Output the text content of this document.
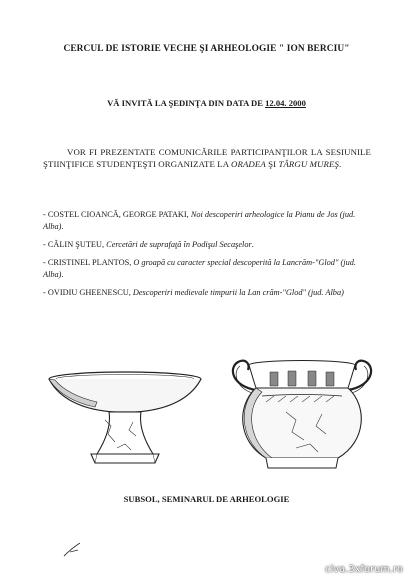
CERCUL DE ISTORIE VECHE ŞI ARHEOLOGIE " ION BERCIU"
VĂ INVITĂ LA ŞEDINŢA DIN DATA DE 12.04. 2000
VOR FI PREZENTATE COMUNICĂRILE PARTICIPANŢILOR LA SESIUNILE ŞTIINŢIFICE STUDENŢEŞTI ORGANIZATE LA ORADEA ŞI TÂRGU MUREŞ.
- COSTEL CIOANCĂ, GEORGE PATAKI, Noi descoperiri arheologice la Pianu de Jos (jud. Alba).
- CĂLIN ŞUTEU, Cercetări de suprafaţă în Podişul Secaşelor.
- CRISTINEL PLANTOS, O groapă cu caracter special descoperită la Lancrăm-"Glod" (jud. Alba).
- OVIDIU GHEENESCU, Descoperiri medievale timpurii la Lan crăm-"Glod" (jud. Alba)
SUBSOL, SEMINARUL DE ARHEOLOGIE
civa.3xforum.ro
